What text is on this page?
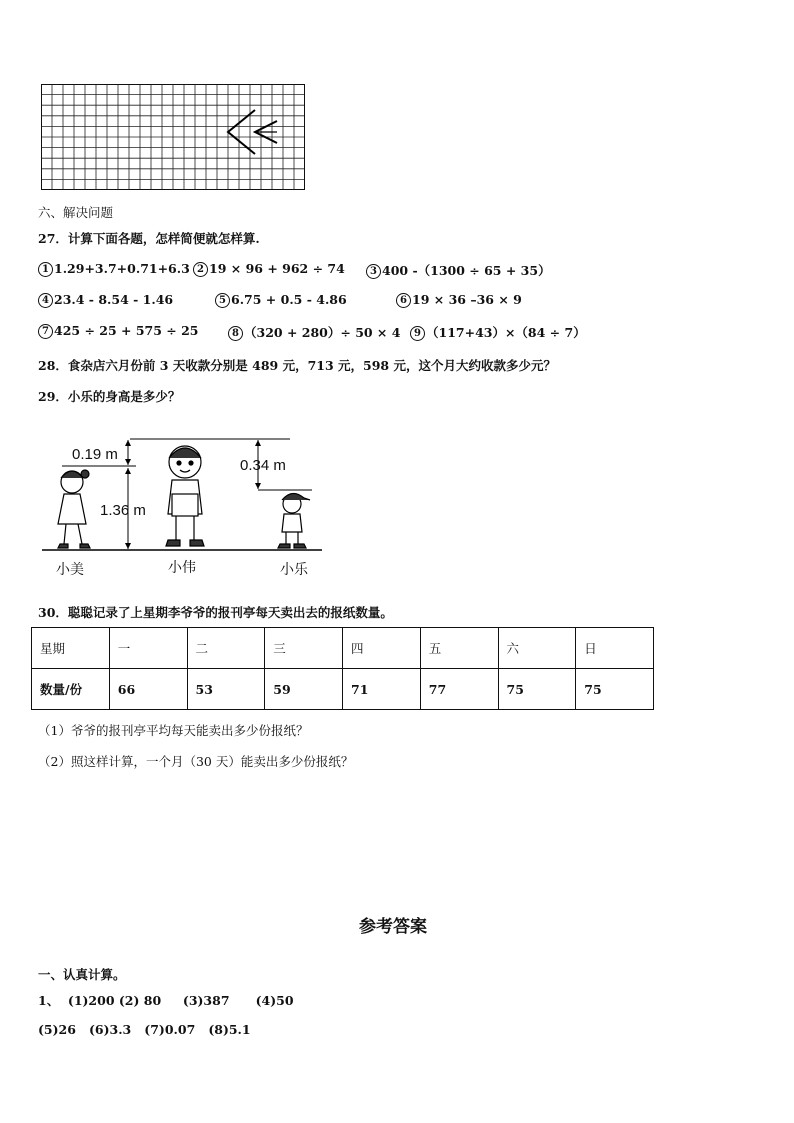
六、解决问题
27．计算下面各题，怎样简便就怎样算.
1 1.29+3.7+0.71+6.3 2 19 × 96 + 962 ÷ 74	3 400 -（1300 ÷ 65 + 35）
4 23.4 - 8.54 - 1.46	5 6.75 + 0.5 - 4.86	6 19 × 36 –36 × 9
7 425 ÷ 25 + 575 ÷ 25	8 （320 + 280）÷ 50 × 4	9 （117+43）×（84 ÷ 7）
28．食杂店六月份前 3 天收款分别是 489 元，713 元，598 元，这个月大约收款多少元？
29．小乐的身高是多少？
0.19 m
1.36 m
0.34 m
小美	小伟	小乐
30．聪聪记录了上星期李爷爷的报刊亭每天卖出去的报纸数量。
星期	一	二	三	四	五	六	日
数量/份	66	53	59	71	77	75	75
（1）爷爷的报刊亭平均每天能卖出多少份报纸？
（2）照这样计算，一个月（30 天）能卖出多少份报纸？
参考答案
一、认真计算。
1、  (1)200 (2) 80     (3)387      (4)50
(5)26   (6)3.3   (7)0.07   (8)5.1
